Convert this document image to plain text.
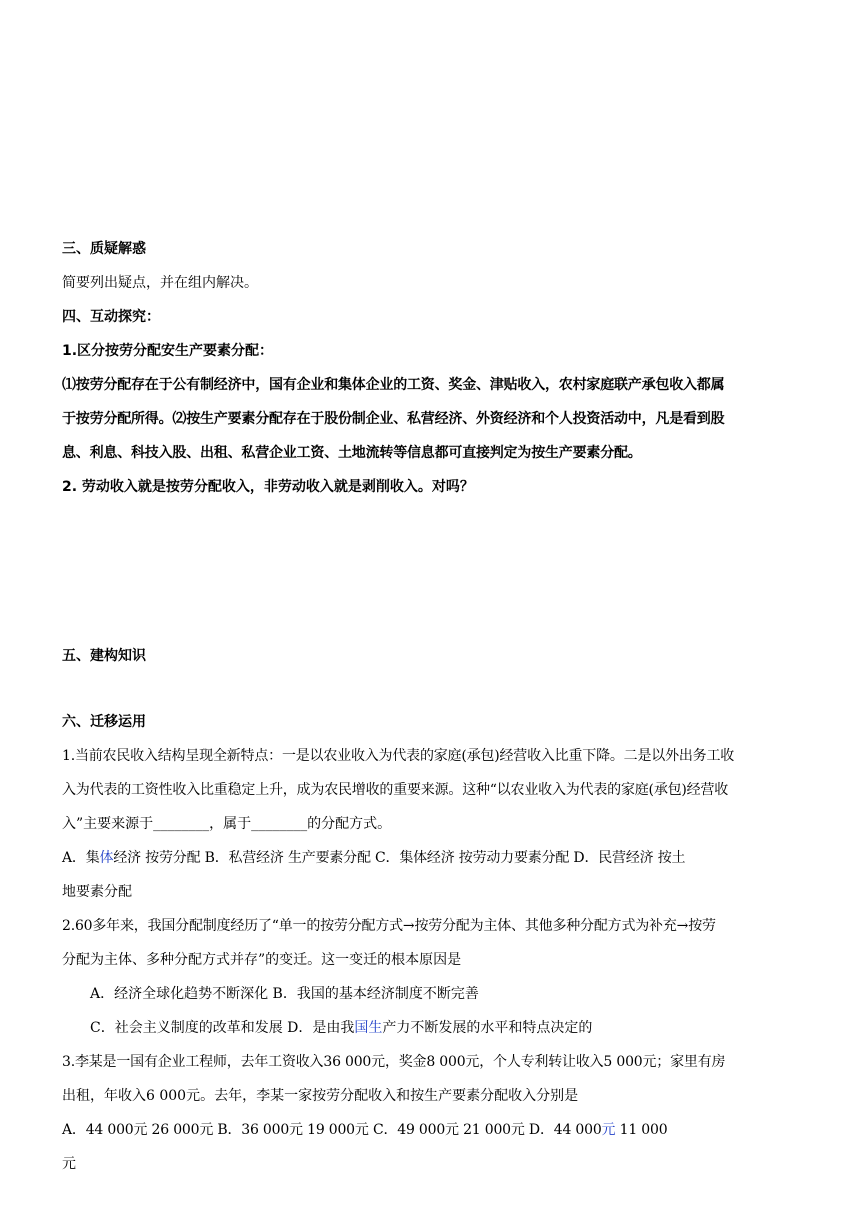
三、质疑解惑
简要列出疑点，并在组内解决。
四、互动探究：
1.区分按劳分配安生产要素分配：
⑴按劳分配存在于公有制经济中，国有企业和集体企业的工资、奖金、津贴收入，农村家庭联产承包收入都属
于按劳分配所得。⑵按生产要素分配存在于股份制企业、私营经济、外资经济和个人投资活动中，凡是看到股
息、利息、科技入股、出租、私营企业工资、土地流转等信息都可直接判定为按生产要素分配。
2. 劳动收入就是按劳分配收入，非劳动收入就是剥削收入。对吗？
五、建构知识
六、迁移运用
1.当前农民收入结构呈现全新特点：一是以农业收入为代表的家庭(承包)经营收入比重下降。二是以外出务工收
入为代表的工资性收入比重稳定上升，成为农民增收的重要来源。这种“以农业收入为代表的家庭(承包)经营收
入”主要来源于________，属于________的分配方式。
A．集体经济 按劳分配 B．私营经济 生产要素分配 C．集体经济 按劳动力要素分配 D．民营经济 按土
地要素分配
2.60多年来，我国分配制度经历了“单一的按劳分配方式→按劳分配为主体、其他多种分配方式为补充→按劳
分配为主体、多种分配方式并存”的变迁。这一变迁的根本原因是
A．经济全球化趋势不断深化 B．我国的基本经济制度不断完善
C．社会主义制度的改革和发展 D．是由我国生产力不断发展的水平和特点决定的
3.李某是一国有企业工程师，去年工资收入36 000元，奖金8 000元，个人专利转让收入5 000元；家里有房
出租，年收入6 000元。去年，李某一家按劳分配收入和按生产要素分配收入分别是
A．44 000元 26 000元 B．36 000元 19 000元 C．49 000元 21 000元 D．44 000元 11 000
元
